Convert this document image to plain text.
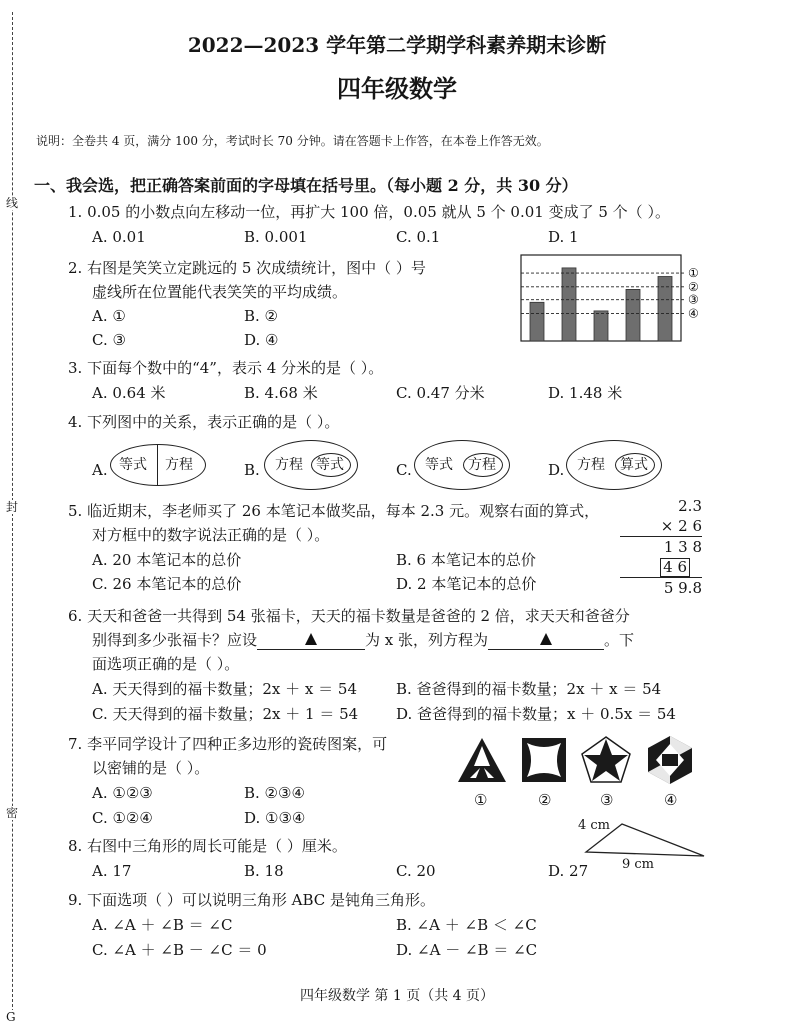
线
封
密
G
2022—2023 学年第二学期学科素养期末诊断
四年级数学
说明：全卷共 4 页，满分 100 分，考试时长 70 分钟。请在答题卡上作答，在本卷上作答无效。
一、我会选，把正确答案前面的字母填在括号里。（每小题 2 分，共 30 分）
1. 0.05 的小数点向左移动一位，再扩大 100 倍，0.05 就从 5 个 0.01 变成了 5 个（ ）。
A. 0.01	B. 0.001	C. 0.1	D. 1
2. 右图是笑笑立定跳远的 5 次成绩统计，图中（ ）号
虚线所在位置能代表笑笑的平均成绩。
A. ①	B. ②
C. ③	D. ④
①
②
③
④
3. 下面每个数中的“4”，表示 4 分米的是（ ）。
A. 0.64 米	B. 4.68 米	C. 0.47 分米	D. 1.48 米
4. 下列图中的关系，表示正确的是（ ）。
A. 等式 方程	B. 方程 等式	C. 等式 方程	D. 方程 算式
5. 临近期末，李老师买了 26 本笔记本做奖品，每本 2.3 元。观察右面的算式，
对方框中的数字说法正确的是（ ）。
A. 20 本笔记本的总价	B. 6 本笔记本的总价
C. 26 本笔记本的总价	D. 2 本笔记本的总价
2.3
× 2 6
1 3 8
4 6
5 9.8
6. 天天和爸爸一共得到 54 张福卡，天天的福卡数量是爸爸的 2 倍，求天天和爸爸分
别得到多少张福卡？应设	为 x 张，列方程为	。下
面选项正确的是（ ）。
A. 天天得到的福卡数量；2x ＋ x ＝ 54	B. 爸爸得到的福卡数量；2x ＋ x ＝ 54
C. 天天得到的福卡数量；2x ＋ 1 ＝ 54	D. 爸爸得到的福卡数量；x ＋ 0.5x ＝ 54
7. 李平同学设计了四种正多边形的瓷砖图案，可
以密铺的是（ ）。
A. ①②③	B. ②③④
C. ①②④	D. ①③④
①	②	③	④
8. 右图中三角形的周长可能是（ ）厘米。
A. 17	B. 18	C. 20	D. 27
4 cm
9 cm
9. 下面选项（ ）可以说明三角形 ABC 是钝角三角形。
A. ∠A ＋ ∠B ＝ ∠C	B. ∠A ＋ ∠B ＜ ∠C
C. ∠A ＋ ∠B － ∠C ＝ 0	D. ∠A － ∠B ＝ ∠C
四年级数学 第 1 页（共 4 页）
